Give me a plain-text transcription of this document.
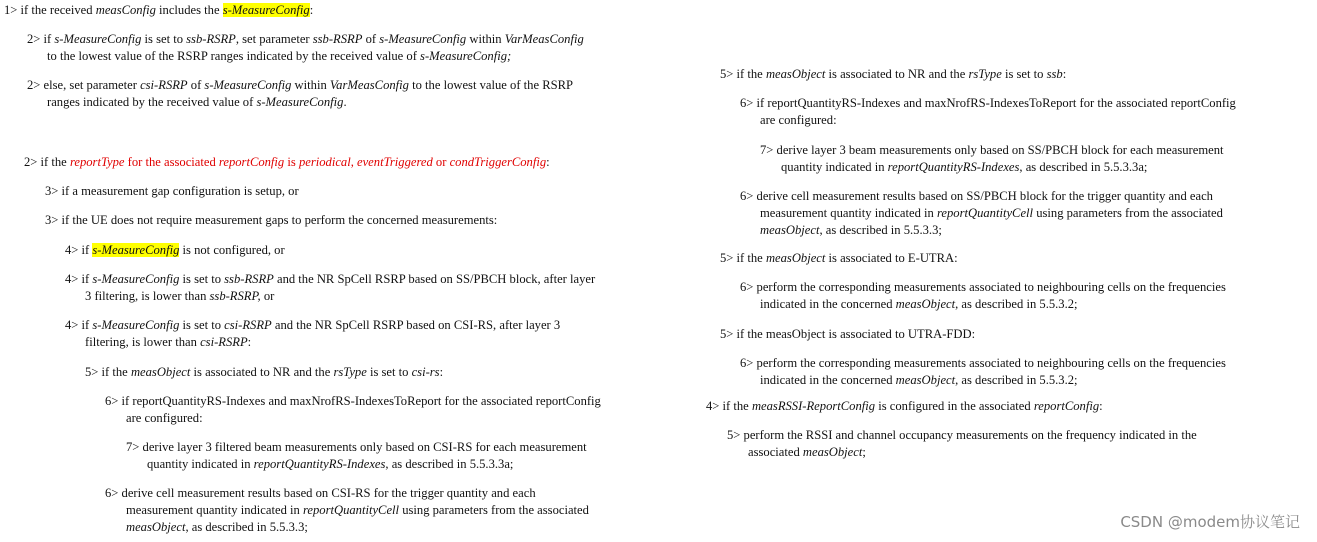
1> if the received measConfig includes the s-MeasureConfig:

2> if s-MeasureConfig is set to ssb-RSRP, set parameter ssb-RSRP of s-MeasureConfig within VarMeasConfig
to the lowest value of the RSRP ranges indicated by the received value of s-MeasureConfig;

2> else, set parameter csi-RSRP of s-MeasureConfig within VarMeasConfig to the lowest value of the RSRP
ranges indicated by the received value of s-MeasureConfig.

2> if the reportType for the associated reportConfig is periodical, eventTriggered or condTriggerConfig:

3> if a measurement gap configuration is setup, or

3> if the UE does not require measurement gaps to perform the concerned measurements:

4> if s-MeasureConfig is not configured, or

4> if s-MeasureConfig is set to ssb-RSRP and the NR SpCell RSRP based on SS/PBCH block, after layer
3 filtering, is lower than ssb-RSRP, or

4> if s-MeasureConfig is set to csi-RSRP and the NR SpCell RSRP based on CSI-RS, after layer 3
filtering, is lower than csi-RSRP:

5> if the measObject is associated to NR and the rsType is set to csi-rs:

6> if reportQuantityRS-Indexes and maxNrofRS-IndexesToReport for the associated reportConfig
are configured:

7> derive layer 3 filtered beam measurements only based on CSI-RS for each measurement
quantity indicated in reportQuantityRS-Indexes, as described in 5.5.3.3a;

6> derive cell measurement results based on CSI-RS for the trigger quantity and each
measurement quantity indicated in reportQuantityCell using parameters from the associated
measObject, as described in 5.5.3.3;

5> if the measObject is associated to NR and the rsType is set to ssb:

6> if reportQuantityRS-Indexes and maxNrofRS-IndexesToReport for the associated reportConfig
are configured:

7> derive layer 3 beam measurements only based on SS/PBCH block for each measurement
quantity indicated in reportQuantityRS-Indexes, as described in 5.5.3.3a;

6> derive cell measurement results based on SS/PBCH block for the trigger quantity and each
measurement quantity indicated in reportQuantityCell using parameters from the associated
measObject, as described in 5.5.3.3;

5> if the measObject is associated to E-UTRA:

6> perform the corresponding measurements associated to neighbouring cells on the frequencies
indicated in the concerned measObject, as described in 5.5.3.2;

5> if the measObject is associated to UTRA-FDD:

6> perform the corresponding measurements associated to neighbouring cells on the frequencies
indicated in the concerned measObject, as described in 5.5.3.2;

4> if the measRSSI-ReportConfig is configured in the associated reportConfig:

5> perform the RSSI and channel occupancy measurements on the frequency indicated in the
associated measObject;

CSDN @modem协议笔记
